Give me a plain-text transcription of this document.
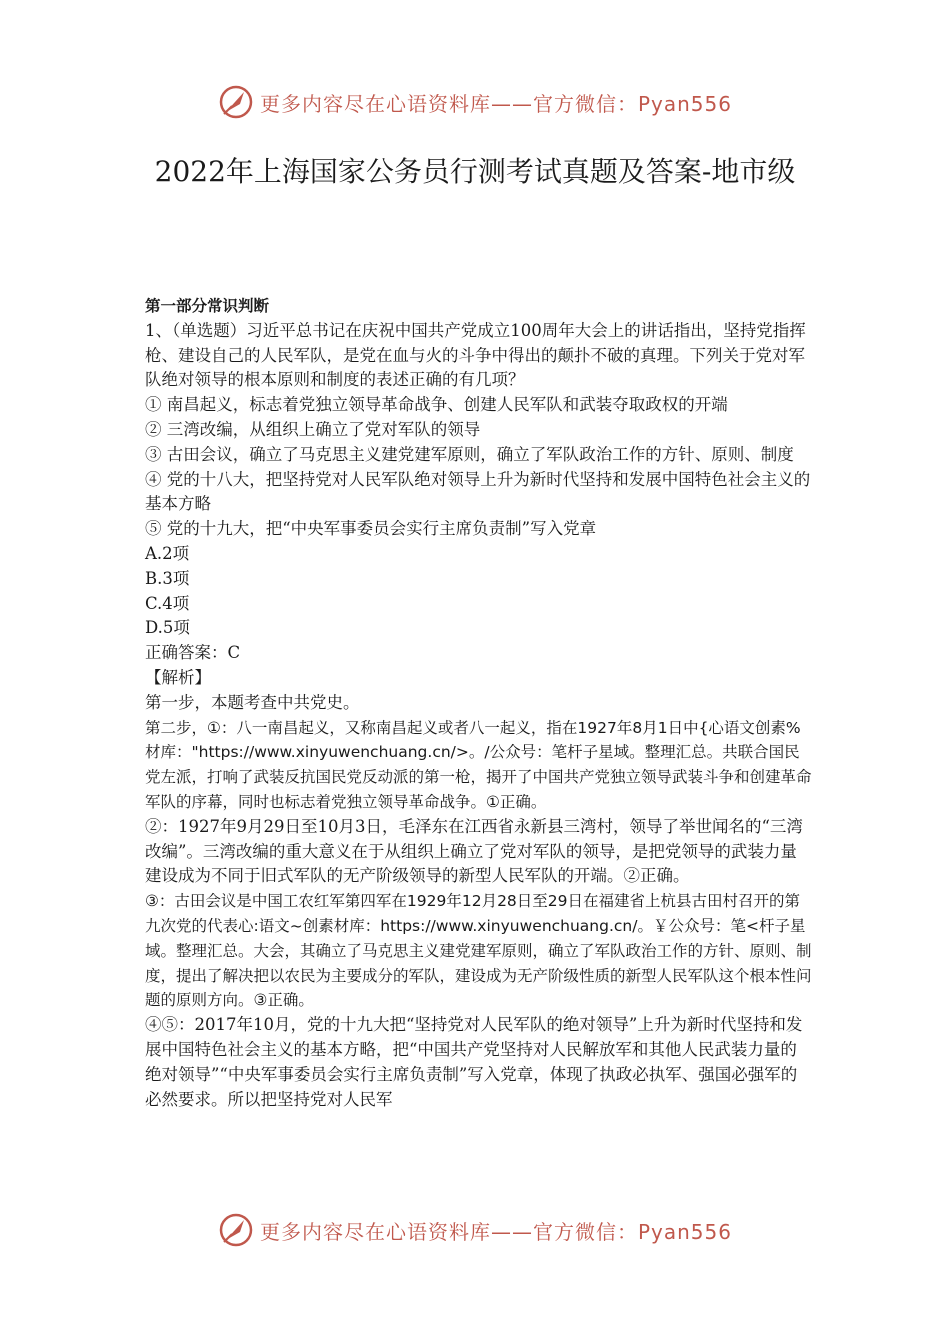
更多内容尽在心语资料库——官方微信：Pyan556
2022年上海国家公务员行测考试真题及答案-地市级

第一部分常识判断

1、（单选题）习近平总书记在庆祝中国共产党成立100周年大会上的讲话指出，坚持党指挥枪、建设自己的人民军队，是党在血与火的斗争中得出的颠扑不破的真理。下列关于党对军队绝对领导的根本原则和制度的表述正确的有几项？

① 南昌起义，标志着党独立领导革命战争、创建人民军队和武装夺取政权的开端

② 三湾改编，从组织上确立了党对军队的领导

③ 古田会议，确立了马克思主义建党建军原则，确立了军队政治工作的方针、原则、制度

④ 党的十八大，把坚持党对人民军队绝对领导上升为新时代坚持和发展中国特色社会主义的基本方略

⑤ 党的十九大，把“中央军事委员会实行主席负责制”写入党章

A.2项

B.3项

C.4项

D.5项

正确答案：C

【解析】

第一步，本题考查中共党史。

第二步，①：八一南昌起义，又称南昌起义或者八一起义，指在1927年8月1日中{心语文创素%材库："https://www.xinyuwenchuang.cn/>。/公众号：笔杆子星域。整理汇总。共联合国民党左派，打响了武装反抗国民党反动派的第一枪，揭开了中国共产党独立领导武装斗争和创建革命军队的序幕，同时也标志着党独立领导革命战争。①正确。

②：1927年9月29日至10月3日，毛泽东在江西省永新县三湾村，领导了举世闻名的“三湾改编”。三湾改编的重大意义在于从组织上确立了党对军队的领导，是把党领导的武装力量建设成为不同于旧式军队的无产阶级领导的新型人民军队的开端。②正确。

③：古田会议是中国工农红军第四军在1929年12月28日至29日在福建省上杭县古田村召开的第九次党的代表心:语文~创素材库：https://www.xinyuwenchuang.cn/。￥公众号：笔<杆子星域。整理汇总。大会，其确立了马克思主义建党建军原则，确立了军队政治工作的方针、原则、制度，提出了解决把以农民为主要成分的军队，建设成为无产阶级性质的新型人民军队这个根本性问题的原则方向。③正确。

④⑤：2017年10月，党的十九大把“坚持党对人民军队的绝对领导”上升为新时代坚持和发展中国特色社会主义的基本方略，把“中国共产党坚持对人民解放军和其他人民武装力量的绝对领导”“中央军事委员会实行主席负责制”写入党章，体现了执政必执军、强国必强军的必然要求。所以把坚持党对人民军

更多内容尽在心语资料库——官方微信：Pyan556
